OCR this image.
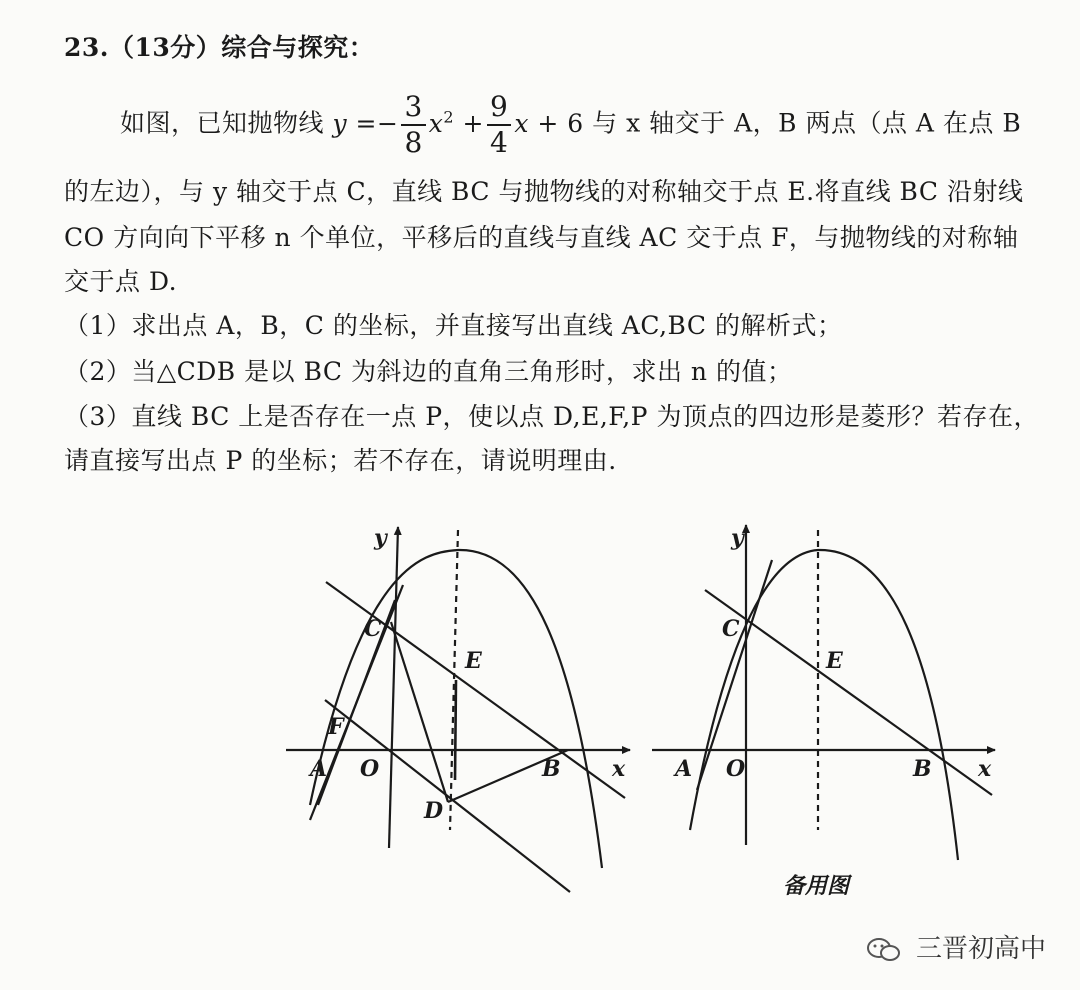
23.（13分）综合与探究：
如图，已知抛物线 $y =- \frac{3}{8} x^2 + \frac{9}{4}$ x + 6 与 x 轴交于 A，B 两点（点 A 在点 B
的左边），与 y 轴交于点 C，直线 BC 与抛物线的对称轴交于点 E.将直线 BC 沿射线
CO 方向向下平移 n 个单位，平移后的直线与直线 AC 交于点 F，与抛物线的对称轴
交于点 D.
（1）求出点 A，B，C 的坐标，并直接写出直线 AC,BC 的解析式；
（2）当△CDB 是以 BC 为斜边的直角三角形时，求出 n 的值；
（3）直线 BC 上是否存在一点 P，使以点 D,E,F,P 为顶点的四边形是菱形？若存在，
请直接写出点 P 的坐标；若不存在，请说明理由.
y
C
E
F
A O	B x
D
y
C
E
A O	B x
备用图
三晋初高中
